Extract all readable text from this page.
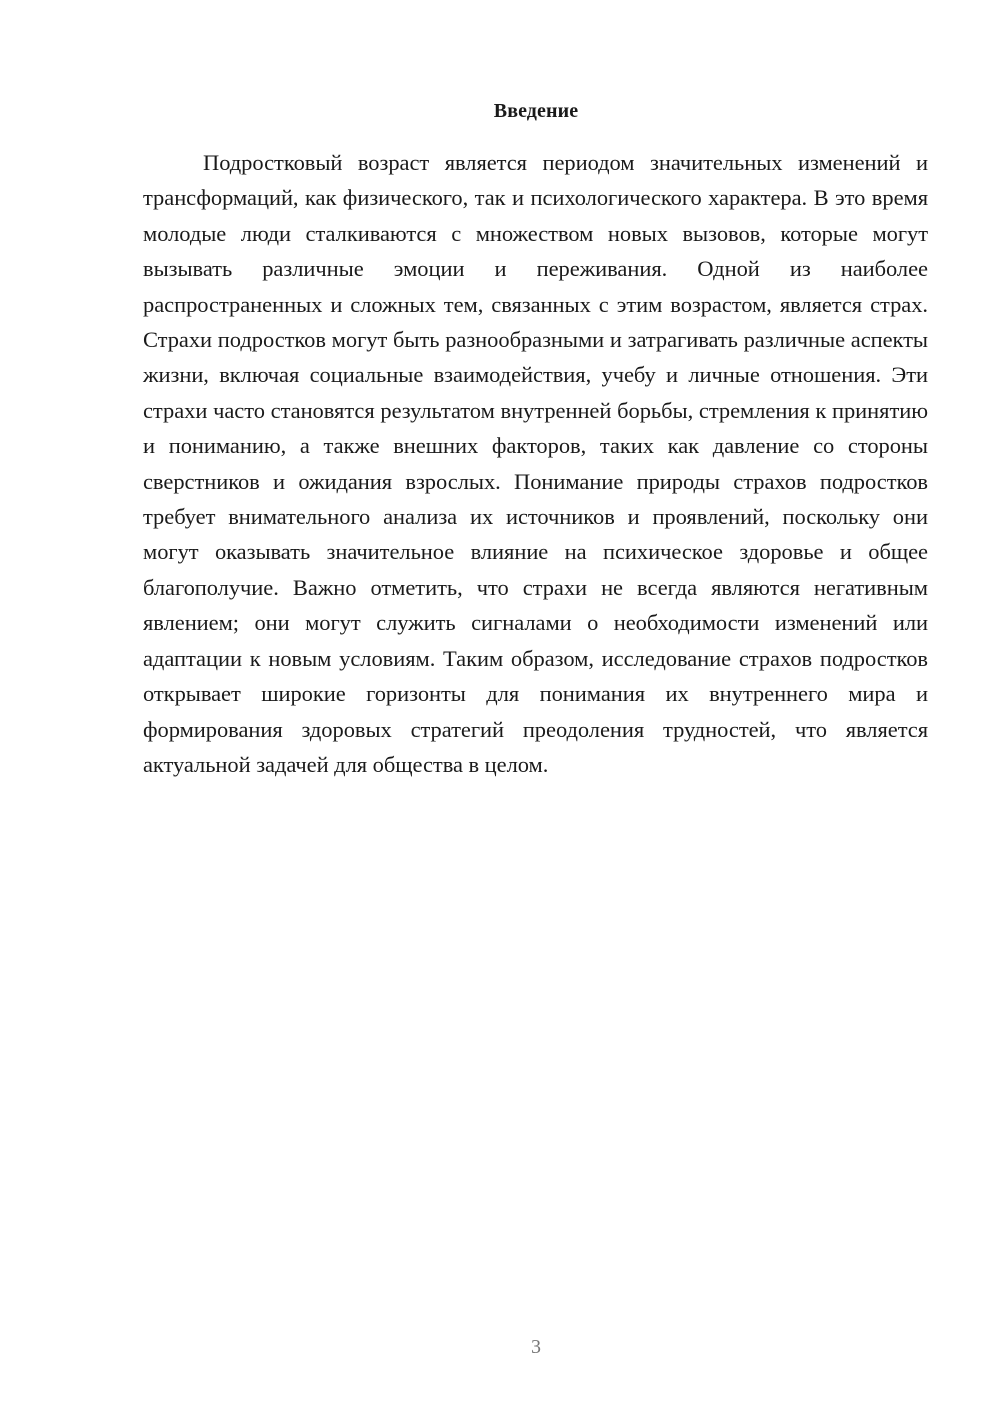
Введение

Подростковый возраст является периодом значительных изменений и трансформаций, как физического, так и психологического характера. В это время молодые люди сталкиваются с множеством новых вызовов, которые могут вызывать различные эмоции и переживания. Одной из наиболее распространенных и сложных тем, связанных с этим возрастом, является страх. Страхи подростков могут быть разнообразными и затрагивать различные аспекты жизни, включая социальные взаимодействия, учебу и личные отношения. Эти страхи часто становятся результатом внутренней борьбы, стремления к принятию и пониманию, а также внешних факторов, таких как давление со стороны сверстников и ожидания взрослых. Понимание природы страхов подростков требует внимательного анализа их источников и проявлений, поскольку они могут оказывать значительное влияние на психическое здоровье и общее благополучие. Важно отметить, что страхи не всегда являются негативным явлением; они могут служить сигналами о необходимости изменений или адаптации к новым условиям. Таким образом, исследование страхов подростков открывает широкие горизонты для понимания их внутреннего мира и формирования здоровых стратегий преодоления трудностей, что является актуальной задачей для общества в целом.

3
